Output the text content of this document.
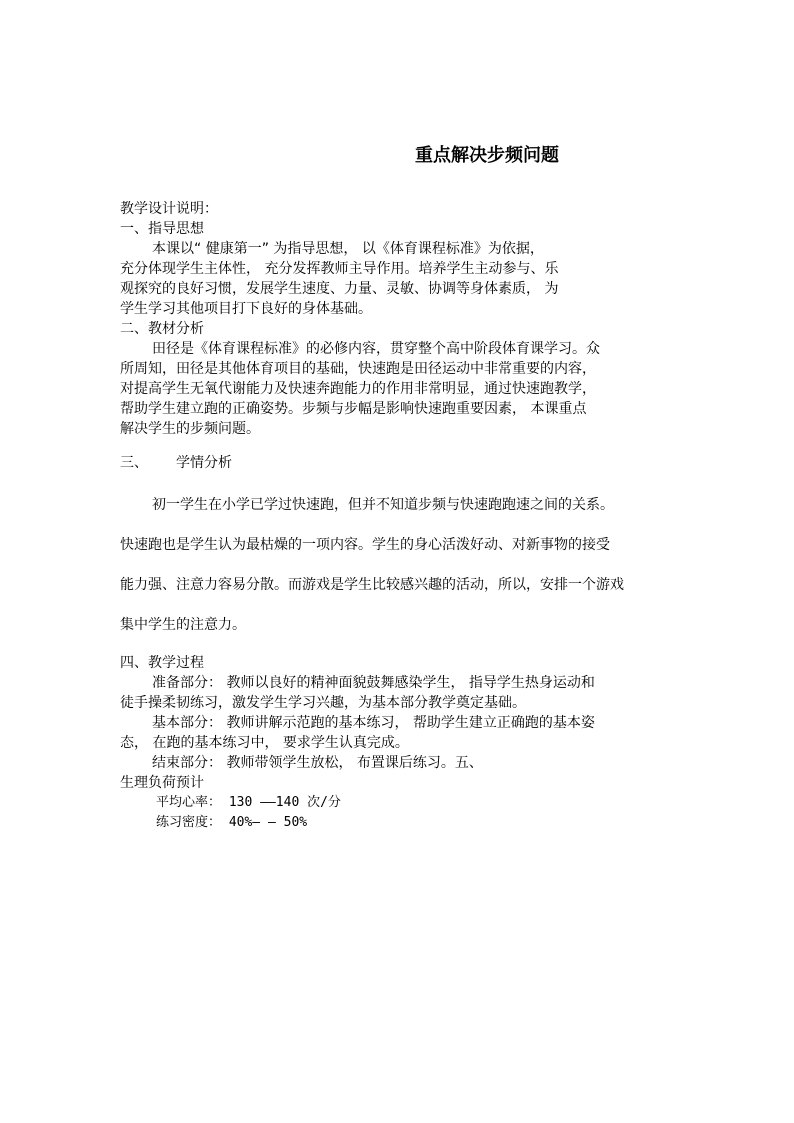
重点解决步频问题
教学设计说明：
一、指导思想
本课以“ 健康第一” 为指导思想， 以《体育课程标准》为依据，
充分体现学生主体性， 充分发挥教师主导作用。培养学生主动参与、乐
观探究的良好习惯，发展学生速度、力量、灵敏、协调等身体素质， 为
学生学习其他项目打下良好的身体基础。
二、教材分析
田径是《体育课程标准》的必修内容，贯穿整个高中阶段体育课学习。众
所周知，田径是其他体育项目的基础，快速跑是田径运动中非常重要的内容，
对提高学生无氧代谢能力及快速奔跑能力的作用非常明显，通过快速跑教学，
帮助学生建立跑的正确姿势。步频与步幅是影响快速跑重要因素， 本课重点
解决学生的步频问题。
三、 学情分析
初一学生在小学已学过快速跑，但并不知道步频与快速跑跑速之间的关系。
快速跑也是学生认为最枯燥的一项内容。学生的身心活泼好动、对新事物的接受
能力强、注意力容易分散。而游戏是学生比较感兴趣的活动，所以，安排一个游戏
集中学生的注意力。
四、教学过程
准备部分： 教师以良好的精神面貌鼓舞感染学生， 指导学生热身运动和
徒手操柔韧练习，激发学生学习兴趣，为基本部分教学奠定基础。
基本部分： 教师讲解示范跑的基本练习， 帮助学生建立正确跑的基本姿
态， 在跑的基本练习中， 要求学生认真完成。
结束部分： 教师带领学生放松， 布置课后练习。五、
生理负荷预计
平均心率： 130 ——140 次/分
练习密度： 40%— — 50%
